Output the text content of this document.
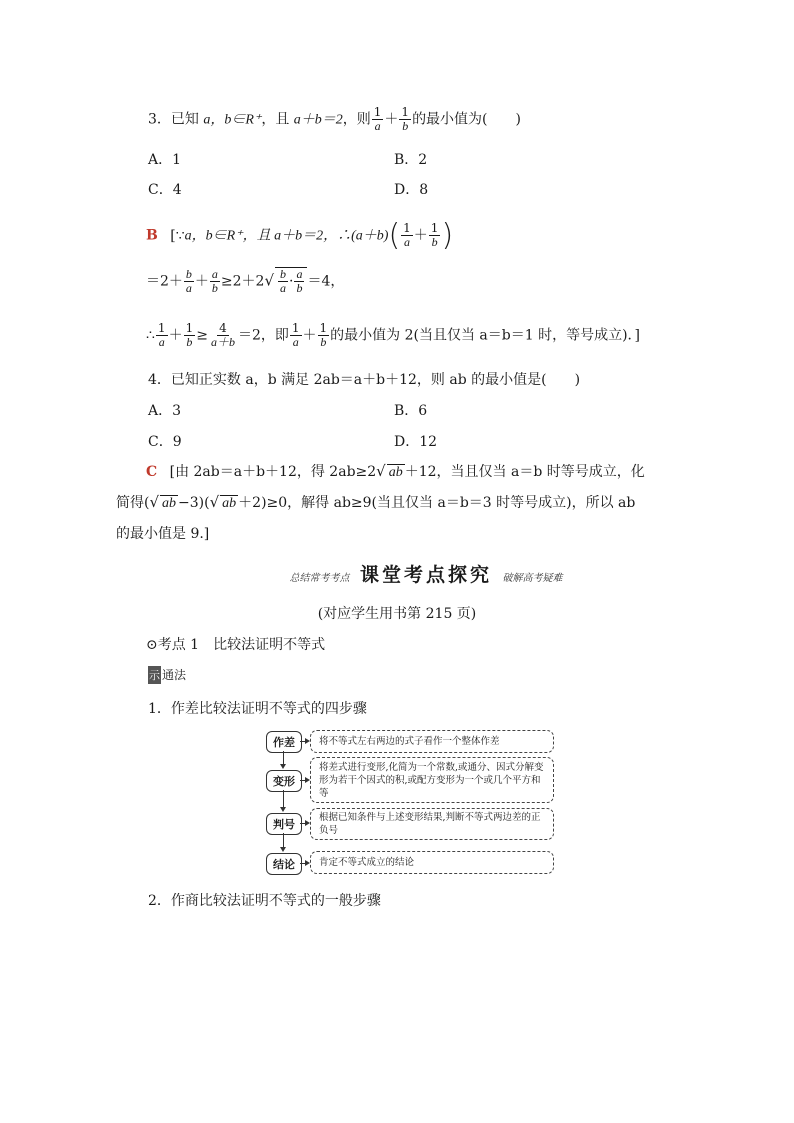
3．已知 a，b∈R⁺，且 a＋b＝2，则 $\frac{1}{a} + \frac{1}{b}$ 的最小值为(　　)
A．1	B．2
C．4	D．8
B [∵a，b∈R⁺，且 a＋b＝2，∴(a＋b)( $\frac{1}{a} + \frac{1}{b}$ )
$=2+ \frac{b}{a} + \frac{a}{b} \ge 2+2√ \frac{b}{a} \cdot \frac{a}{b} =4$，
∴ $\frac{1}{a} + \frac{1}{b} \ge \frac{4}{a+b} =2$，即 $\frac{1}{a} + \frac{1}{b}$ 的最小值为 2(当且仅当 a＝b＝1 时，等号成立)．]
4．已知正实数 a，b 满足 2ab＝a＋b＋12，则 ab 的最小值是(　　)
A．3	B．6
C．9	D．12
C [由 2ab＝a＋b＋12，得 2ab≥2√ ab ＋12，当且仅当 a＝b 时等号成立，化
简得(√ ab −3)(√ ab ＋2)≥0，解得 ab≥9(当且仅当 a＝b＝3 时等号成立)，所以 ab
的最小值是 9.]
总结常考考点 课堂考点探究 破解高考疑难
(对应学生用书第 215 页)
⊙考点 1　比较法证明不等式
示 通法
1．作差比较法证明不等式的四步骤
作差
变形
判号
结论
将不等式左右两边的式子看作一个整体作差
将差式进行变形,化简为一个常数,或通分、因式分解变形为若干个因式的积,或配方变形为一个或几个平方和等
根据已知条件与上述变形结果,判断不等式两边差的正负号
肯定不等式成立的结论
2．作商比较法证明不等式的一般步骤
